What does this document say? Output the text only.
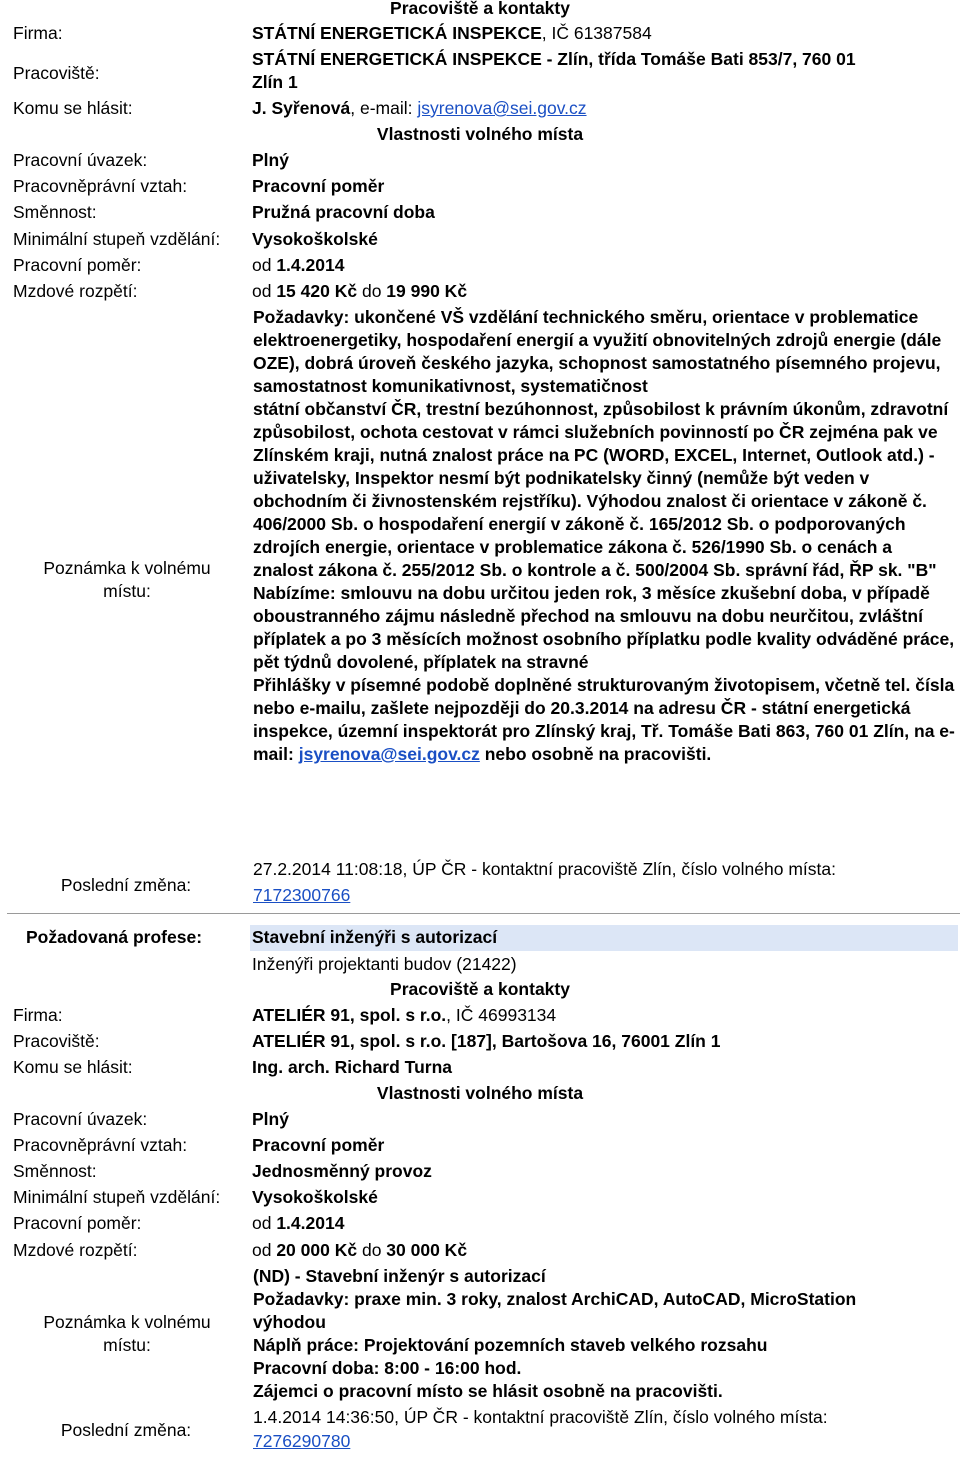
Pracoviště a kontakty
Firma:	STÁTNÍ ENERGETICKÁ INSPEKCE, IČ 61387584
Pracoviště:
STÁTNÍ ENERGETICKÁ INSPEKCE - Zlín, třída Tomáše Bati 853/7, 760 01
Zlín 1
Komu se hlásit:	J. Syřenová, e-mail: jsyrenova@sei.gov.cz
Vlastnosti volného místa
Pracovní úvazek:	Plný
Pracovněprávní vztah:	Pracovní poměr
Směnnost:	Pružná pracovní doba
Minimální stupeň vzdělání: Vysokoškolské
Pracovní poměr:	od 1.4.2014
Mzdové rozpětí:	od 15 420 Kč do 19 990 Kč
Poznámka k volnému
místu:

Požadavky: ukončené VŠ vzdělání technického směru, orientace v problematice elektroenergetiky, hospodaření energií a využití obnovitelných zdrojů energie (dále OZE), dobrá úroveň českého jazyka, schopnost samostatného písemného projevu, samostatnost komunikativnost, systematičnost

státní občanství ČR, trestní bezúhonnost, způsobilost k právním úkonům, zdravotní způsobilost, ochota cestovat v rámci služebních povinností po ČR zejména pak ve Zlínském kraji, nutná znalost práce na PC (WORD, EXCEL, Internet, Outlook atd.) - uživatelsky, Inspektor nesmí být podnikatelsky činný (nemůže být veden v obchodním či živnostenském rejstříku). Výhodou znalost či orientace v zákoně č. 406/2000 Sb. o hospodaření energií v zákoně č. 165/2012 Sb. o podporovaných zdrojích energie, orientace v problematice zákona č. 526/1990 Sb. o cenách a znalost zákona č. 255/2012 Sb. o kontrole a č. 500/2004 Sb. správní řád, ŘP sk. "B"

Nabízíme: smlouvu na dobu určitou jeden rok, 3 měsíce zkušební doba, v případě oboustranného zájmu následně přechod na smlouvu na dobu neurčitou, zvláštní příplatek a po 3 měsících možnost osobního příplatku podle kvality odváděné práce, pět týdnů dovolené, příplatek na stravné

Přihlášky v písemné podobě doplněné strukturovaným životopisem, včetně tel. čísla nebo e-mailu, zašlete nejpozději do 20.3.2014 na adresu ČR - státní energetická inspekce, územní inspektorát pro Zlínský kraj, Tř. Tomáše Bati 863, 760 01 Zlín, na e-mail: jsyrenova@sei.gov.cz nebo osobně na pracovišti.

Poslední změna:
27.2.2014 11:08:18, ÚP ČR - kontaktní pracoviště Zlín, číslo volného místa:
7172300766
Požadovaná profese:	Stavební inženýři s autorizací
Inženýři projektanti budov (21422)
Pracoviště a kontakty
Firma:	ATELIÉR 91, spol. s r.o., IČ 46993134
Pracoviště:	ATELIÉR 91, spol. s r.o. [187], Bartošova 16, 76001 Zlín 1
Komu se hlásit:	Ing. arch. Richard Turna
Vlastnosti volného místa
Pracovní úvazek:	Plný
Pracovněprávní vztah:	Pracovní poměr
Směnnost:	Jednosměnný provoz
Minimální stupeň vzdělání: Vysokoškolské
Pracovní poměr:	od 1.4.2014
Mzdové rozpětí:	od 20 000 Kč do 30 000 Kč
Poznámka k volnému
místu:
(ND) - Stavební inženýr s autorizací
Požadavky: praxe min. 3 roky, znalost ArchiCAD, AutoCAD, MicroStation
výhodou
Náplň práce: Projektování pozemních staveb velkého rozsahu
Pracovní doba: 8:00 - 16:00 hod.
Zájemci o pracovní místo se hlásit osobně na pracovišti.
Poslední změna:
1.4.2014 14:36:50, ÚP ČR - kontaktní pracoviště Zlín, číslo volného místa:
7276290780
